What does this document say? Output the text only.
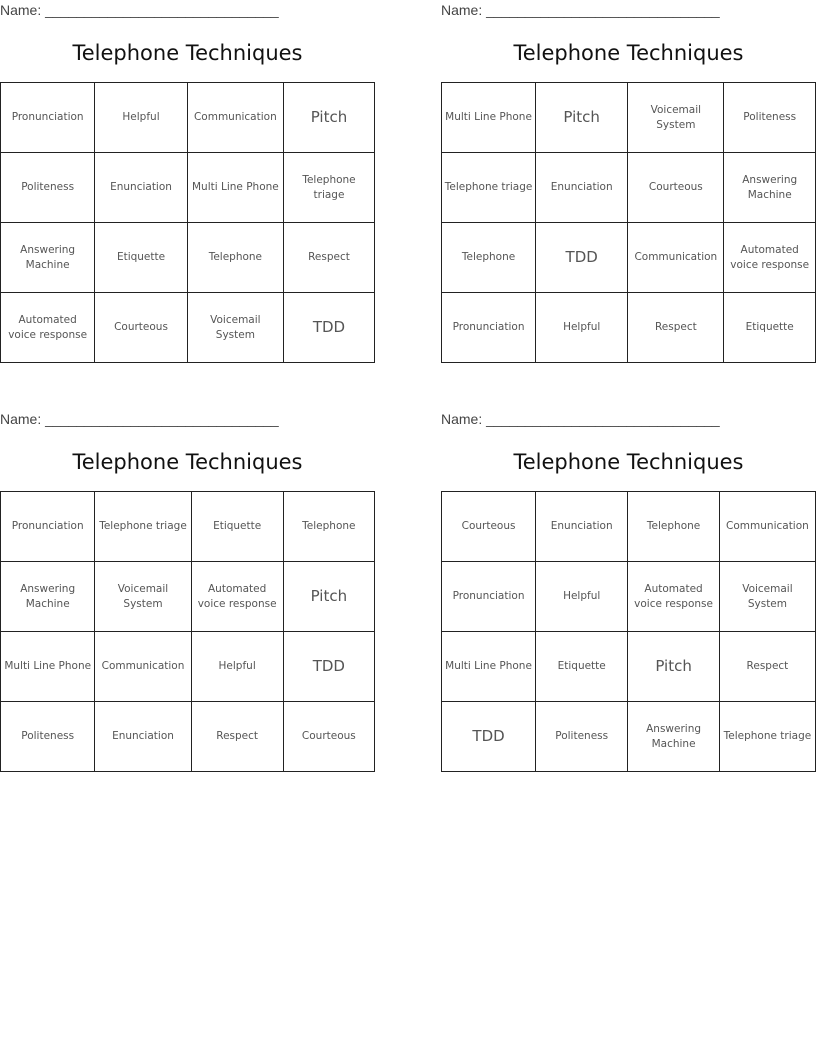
Name: ______________________________
Telephone Techniques
Pronunciation	Helpful	Communication	Pitch
Politeness	Enunciation	Multi Line Phone	Telephone triage
Answering Machine	Etiquette	Telephone	Respect
Automated voice response	Courteous	Voicemail System	TDD
Name: ______________________________
Telephone Techniques
Multi Line Phone	Pitch	Voicemail System	Politeness
Telephone triage	Enunciation	Courteous	Answering Machine
Telephone	TDD	Communication	Automated voice response
Pronunciation	Helpful	Respect	Etiquette
Name: ______________________________
Telephone Techniques
Pronunciation	Telephone triage	Etiquette	Telephone
Answering Machine	Voicemail System	Automated voice response	Pitch
Multi Line Phone	Communication	Helpful	TDD
Politeness	Enunciation	Respect	Courteous
Name: ______________________________
Telephone Techniques
Courteous	Enunciation	Telephone	Communication
Pronunciation	Helpful	Automated voice response	Voicemail System
Multi Line Phone	Etiquette	Pitch	Respect
TDD	Politeness	Answering Machine	Telephone triage
